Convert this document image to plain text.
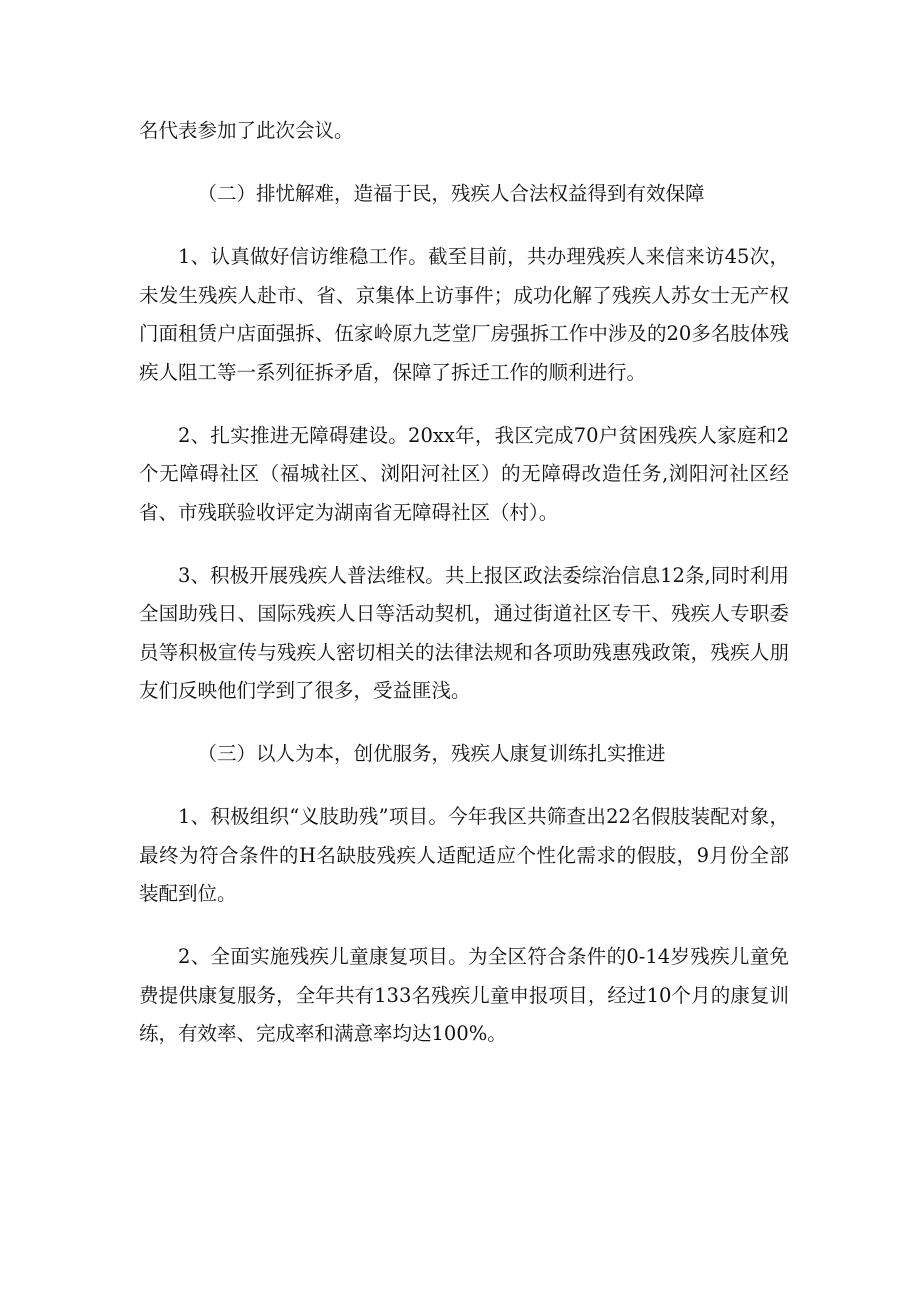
名代表参加了此次会议。

（二）排忧解难，造福于民，残疾人合法权益得到有效保障

1、认真做好信访维稳工作。截至目前，共办理残疾人来信来访45次，未发生残疾人赴市、省、京集体上访事件；成功化解了残疾人苏女士无产权门面租赁户店面强拆、伍家岭原九芝堂厂房强拆工作中涉及的20多名肢体残疾人阻工等一系列征拆矛盾，保障了拆迁工作的顺利进行。

2、扎实推进无障碍建设。20xx年，我区完成70户贫困残疾人家庭和2个无障碍社区（福城社区、浏阳河社区）的无障碍改造任务,浏阳河社区经省、市残联验收评定为湖南省无障碍社区（村）。

3、积极开展残疾人普法维权。共上报区政法委综治信息12条,同时利用全国助残日、国际残疾人日等活动契机，通过街道社区专干、残疾人专职委员等积极宣传与残疾人密切相关的法律法规和各项助残惠残政策，残疾人朋友们反映他们学到了很多，受益匪浅。

（三）以人为本，创优服务，残疾人康复训练扎实推进

1、积极组织“义肢助残”项目。今年我区共筛查出22名假肢装配对象，最终为符合条件的H名缺肢残疾人适配适应个性化需求的假肢，9月份全部装配到位。

2、全面实施残疾儿童康复项目。为全区符合条件的0-14岁残疾儿童免费提供康复服务，全年共有133名残疾儿童申报项目，经过10个月的康复训练，有效率、完成率和满意率均达100%。
